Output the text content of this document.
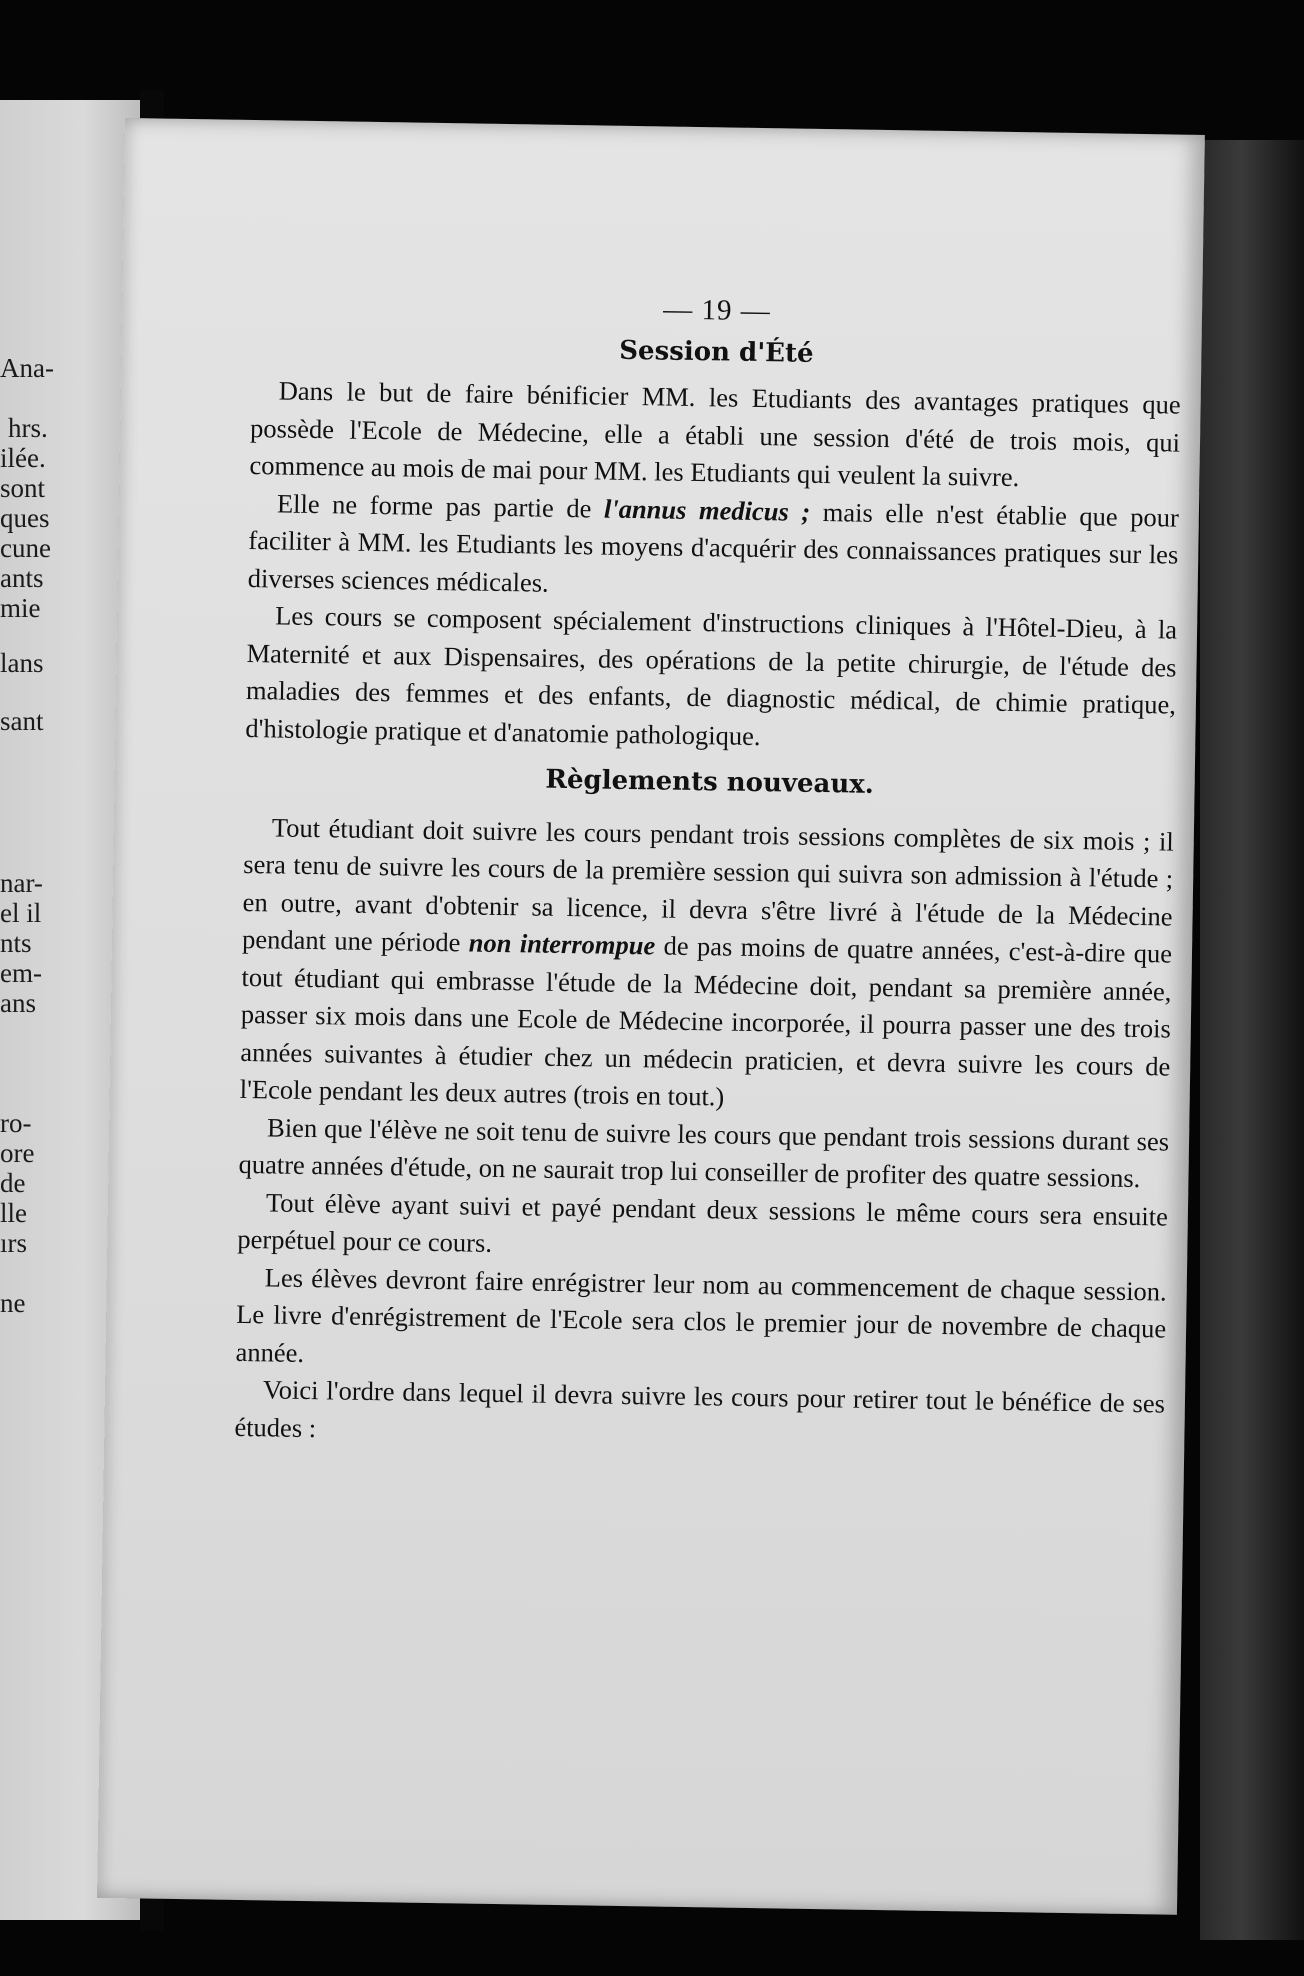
Ana-
hrs.
ilée.
sont
ques
cune
ants
mie
lans
sant
nar-
el il
nts
em-
ans
ro-
ore
de
lle
ırs
ne
— 19 —
Session d'Été

Dans le but de faire bénificier MM. les Etudiants des avantages pratiques que possède l'Ecole de Médecine, elle a établi une session d'été de trois mois, qui commence au mois de mai pour MM. les Etudiants qui veulent la suivre.

Elle ne forme pas partie de l'annus medicus ; mais elle n'est établie que pour faciliter à MM. les Etudiants les moyens d'acquérir des connaissances pratiques sur les diverses sciences médicales.

Les cours se composent spécialement d'instructions cliniques à l'Hôtel-Dieu, à la Maternité et aux Dispensaires, des opérations de la petite chirurgie, de l'étude des maladies des femmes et des enfants, de diagnostic médical, de chimie pratique, d'histologie pratique et d'anatomie pathologique.

Règlements nouveaux.

Tout étudiant doit suivre les cours pendant trois sessions complètes de six mois ; il sera tenu de suivre les cours de la première session qui suivra son admission à l'étude ; en outre, avant d'obtenir sa licence, il devra s'être livré à l'étude de la Médecine pendant une période non interrompue de pas moins de quatre années, c'est-à-dire que tout étudiant qui embrasse l'étude de la Médecine doit, pendant sa première année, passer six mois dans une Ecole de Médecine incorporée, il pourra passer une des trois années suivantes à étudier chez un médecin praticien, et devra suivre les cours de l'Ecole pendant les deux autres (trois en tout.)

Bien que l'élève ne soit tenu de suivre les cours que pendant trois sessions durant ses quatre années d'étude, on ne saurait trop lui conseiller de profiter des quatre sessions.

Tout élève ayant suivi et payé pendant deux sessions le même cours sera ensuite perpétuel pour ce cours.

Les élèves devront faire enrégistrer leur nom au commencement de chaque session. Le livre d'enrégistrement de l'Ecole sera clos le premier jour de novembre de chaque année.

Voici l'ordre dans lequel il devra suivre les cours pour retirer tout le bénéfice de ses études :
